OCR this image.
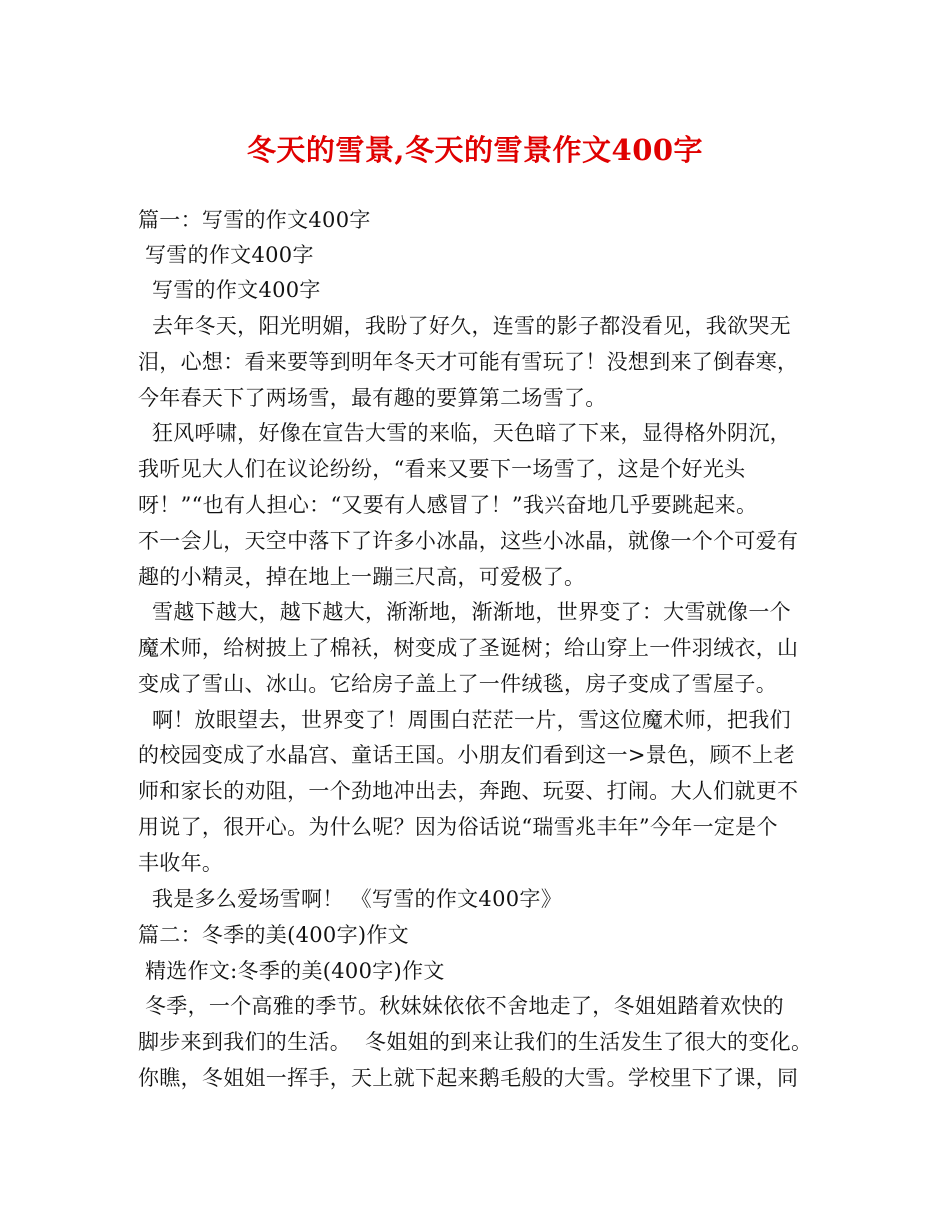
冬天的雪景,冬天的雪景作文400字
篇一：写雪的作文400字
写雪的作文400字
写雪的作文400字
去年冬天，阳光明媚，我盼了好久，连雪的影子都没看见，我欲哭无
泪，心想：看来要等到明年冬天才可能有雪玩了！没想到来了倒春寒，
今年春天下了两场雪，最有趣的要算第二场雪了。
狂风呼啸，好像在宣告大雪的来临，天色暗了下来，显得格外阴沉，
我听见大人们在议论纷纷，“看来又要下一场雪了，这是个好光头
呀！”“也有人担心：“又要有人感冒了！”我兴奋地几乎要跳起来。
不一会儿，天空中落下了许多小冰晶，这些小冰晶，就像一个个可爱有
趣的小精灵，掉在地上一蹦三尺高，可爱极了。
雪越下越大，越下越大，渐渐地，渐渐地，世界变了：大雪就像一个
魔术师，给树披上了棉袄，树变成了圣诞树；给山穿上一件羽绒衣，山
变成了雪山、冰山。它给房子盖上了一件绒毯，房子变成了雪屋子。
啊！放眼望去，世界变了！周围白茫茫一片，雪这位魔术师，把我们
的校园变成了水晶宫、童话王国。小朋友们看到这一>景色，顾不上老
师和家长的劝阻，一个劲地冲出去，奔跑、玩耍、打闹。大人们就更不
用说了，很开心。为什么呢？因为俗话说“瑞雪兆丰年”今年一定是个
丰收年。
我是多么爱场雪啊！ 《写雪的作文400字》
篇二：冬季的美(400字)作文
精选作文:冬季的美(400字)作文
冬季，一个高雅的季节。秋妹妹依依不舍地走了，冬姐姐踏着欢快的
脚步来到我们的生活。  冬姐姐的到来让我们的生活发生了很大的变化。
你瞧，冬姐姐一挥手，天上就下起来鹅毛般的大雪。学校里下了课，同
